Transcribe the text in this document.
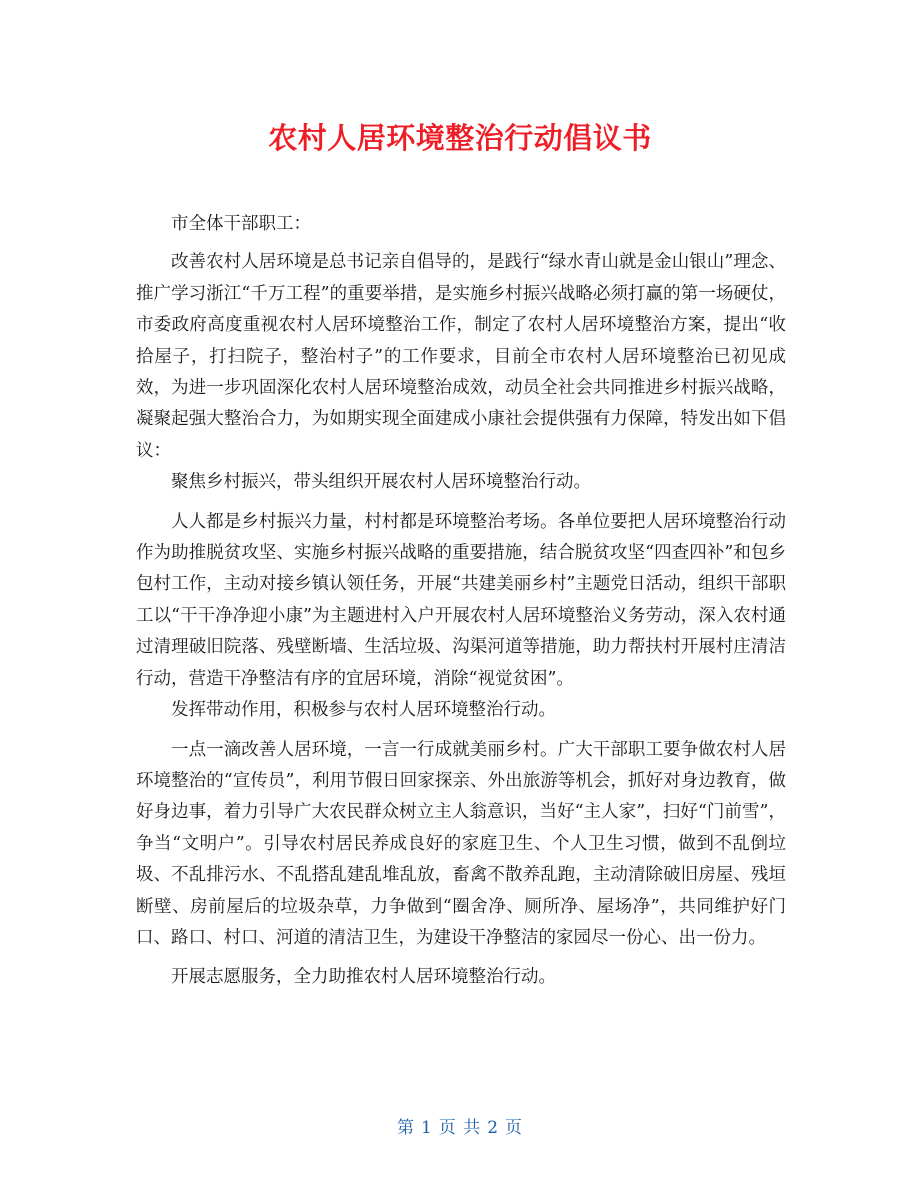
农村人居环境整治行动倡议书

市全体干部职工：

改善农村人居环境是总书记亲自倡导的，是践行“绿水青山就是金山银山”理念、推广学习浙江“千万工程”的重要举措，是实施乡村振兴战略必须打赢的第一场硬仗，市委政府高度重视农村人居环境整治工作，制定了农村人居环境整治方案，提出“收拾屋子，打扫院子，整治村子”的工作要求，目前全市农村人居环境整治已初见成效，为进一步巩固深化农村人居环境整治成效，动员全社会共同推进乡村振兴战略，凝聚起强大整治合力，为如期实现全面建成小康社会提供强有力保障，特发出如下倡议：

聚焦乡村振兴，带头组织开展农村人居环境整治行动。

人人都是乡村振兴力量，村村都是环境整治考场。各单位要把人居环境整治行动作为助推脱贫攻坚、实施乡村振兴战略的重要措施，结合脱贫攻坚“四查四补”和包乡包村工作，主动对接乡镇认领任务，开展“共建美丽乡村”主题党日活动，组织干部职工以“干干净净迎小康”为主题进村入户开展农村人居环境整治义务劳动，深入农村通过清理破旧院落、残壁断墙、生活垃圾、沟渠河道等措施，助力帮扶村开展村庄清洁行动，营造干净整洁有序的宜居环境，消除“视觉贫困”。

发挥带动作用，积极参与农村人居环境整治行动。

一点一滴改善人居环境，一言一行成就美丽乡村。广大干部职工要争做农村人居环境整治的“宣传员”，利用节假日回家探亲、外出旅游等机会，抓好对身边教育，做好身边事，着力引导广大农民群众树立主人翁意识，当好“主人家”，扫好“门前雪”，争当“文明户”。引导农村居民养成良好的家庭卫生、个人卫生习惯，做到不乱倒垃圾、不乱排污水、不乱搭乱建乱堆乱放，畜禽不散养乱跑，主动清除破旧房屋、残垣断壁、房前屋后的垃圾杂草，力争做到“圈舍净、厕所净、屋场净”，共同维护好门口、路口、村口、河道的清洁卫生，为建设干净整洁的家园尽一份心、出一份力。

开展志愿服务，全力助推农村人居环境整治行动。

第 1 页 共 2 页
